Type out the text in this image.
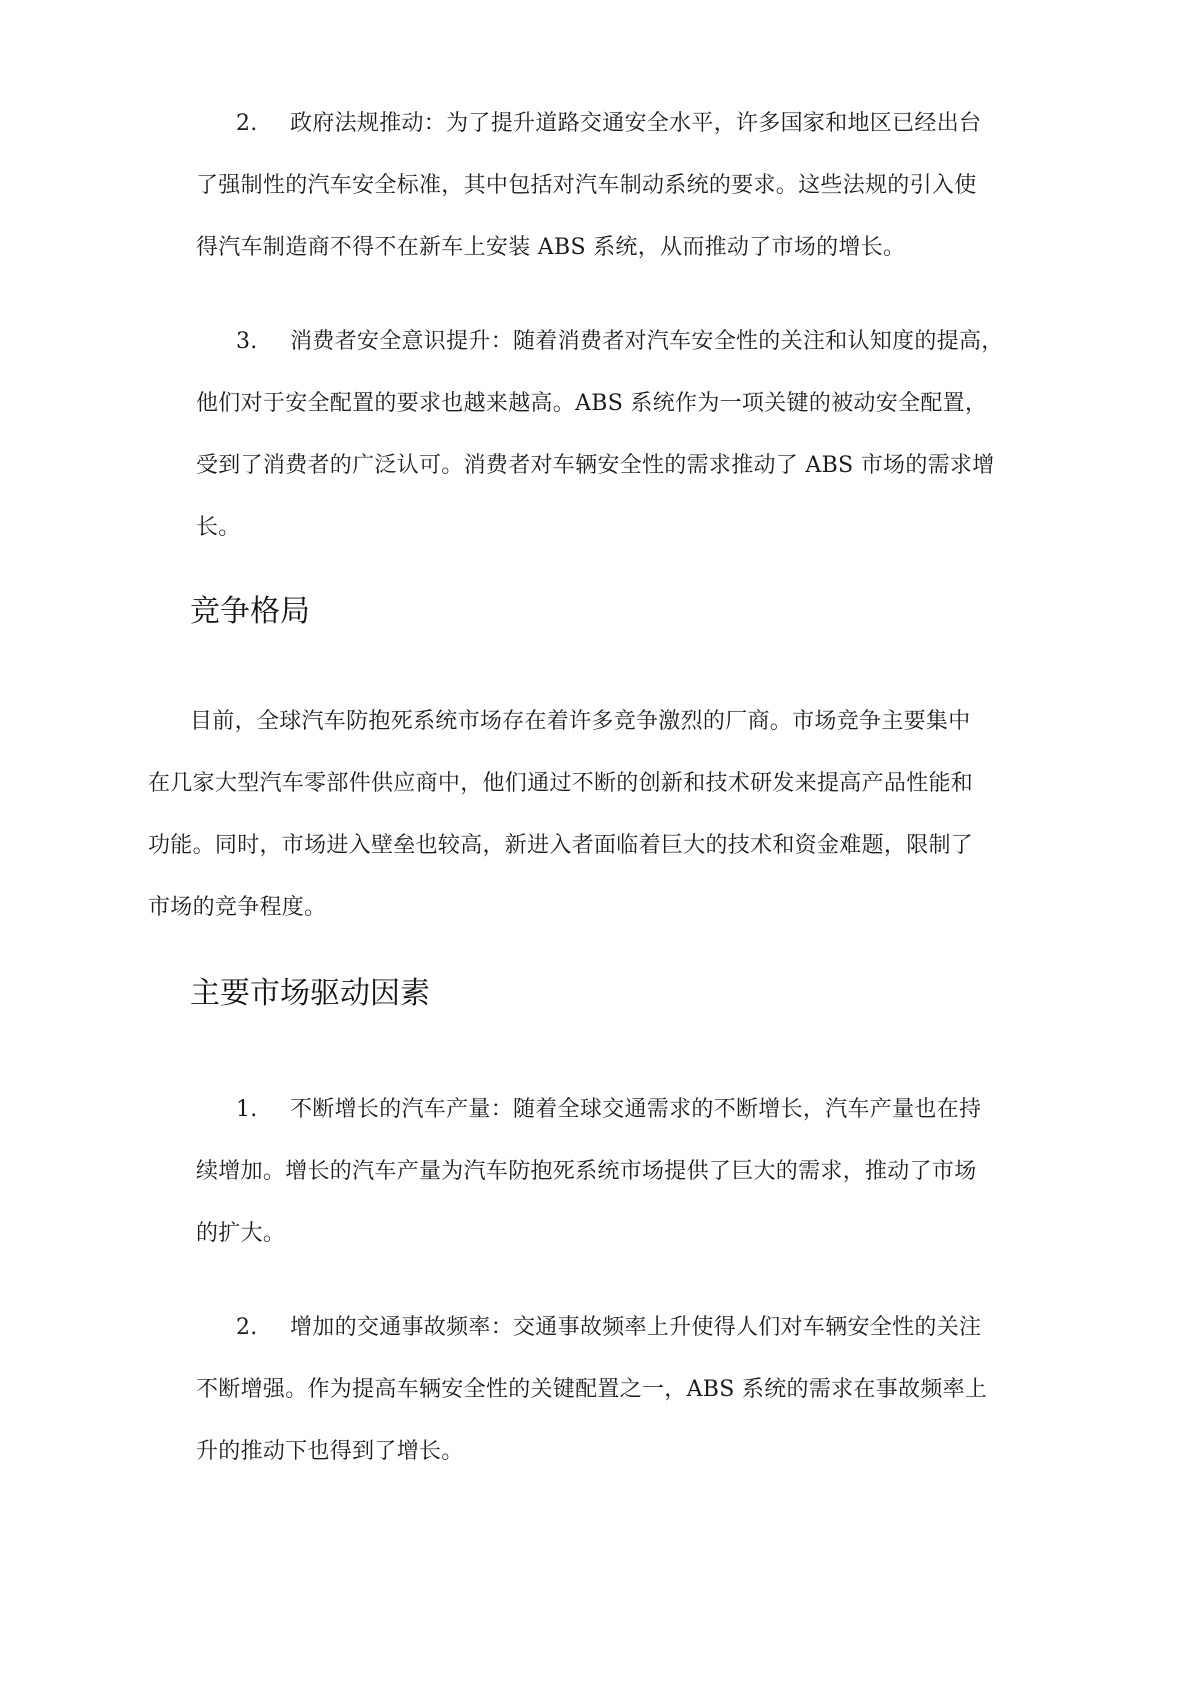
2. 政府法规推动：为了提升道路交通安全水平，许多国家和地区已经出台
了强制性的汽车安全标准，其中包括对汽车制动系统的要求。这些法规的引入使
得汽车制造商不得不在新车上安装 ABS 系统，从而推动了市场的增长。
3. 消费者安全意识提升：随着消费者对汽车安全性的关注和认知度的提高，
他们对于安全配置的要求也越来越高。ABS 系统作为一项关键的被动安全配置，
受到了消费者的广泛认可。消费者对车辆安全性的需求推动了 ABS 市场的需求增
长。
竞争格局
目前，全球汽车防抱死系统市场存在着许多竞争激烈的厂商。市场竞争主要集中
在几家大型汽车零部件供应商中，他们通过不断的创新和技术研发来提高产品性能和
功能。同时，市场进入壁垒也较高，新进入者面临着巨大的技术和资金难题，限制了
市场的竞争程度。
主要市场驱动因素
1. 不断增长的汽车产量：随着全球交通需求的不断增长，汽车产量也在持
续增加。增长的汽车产量为汽车防抱死系统市场提供了巨大的需求，推动了市场
的扩大。
2. 增加的交通事故频率：交通事故频率上升使得人们对车辆安全性的关注
不断增强。作为提高车辆安全性的关键配置之一，ABS 系统的需求在事故频率上
升的推动下也得到了增长。
